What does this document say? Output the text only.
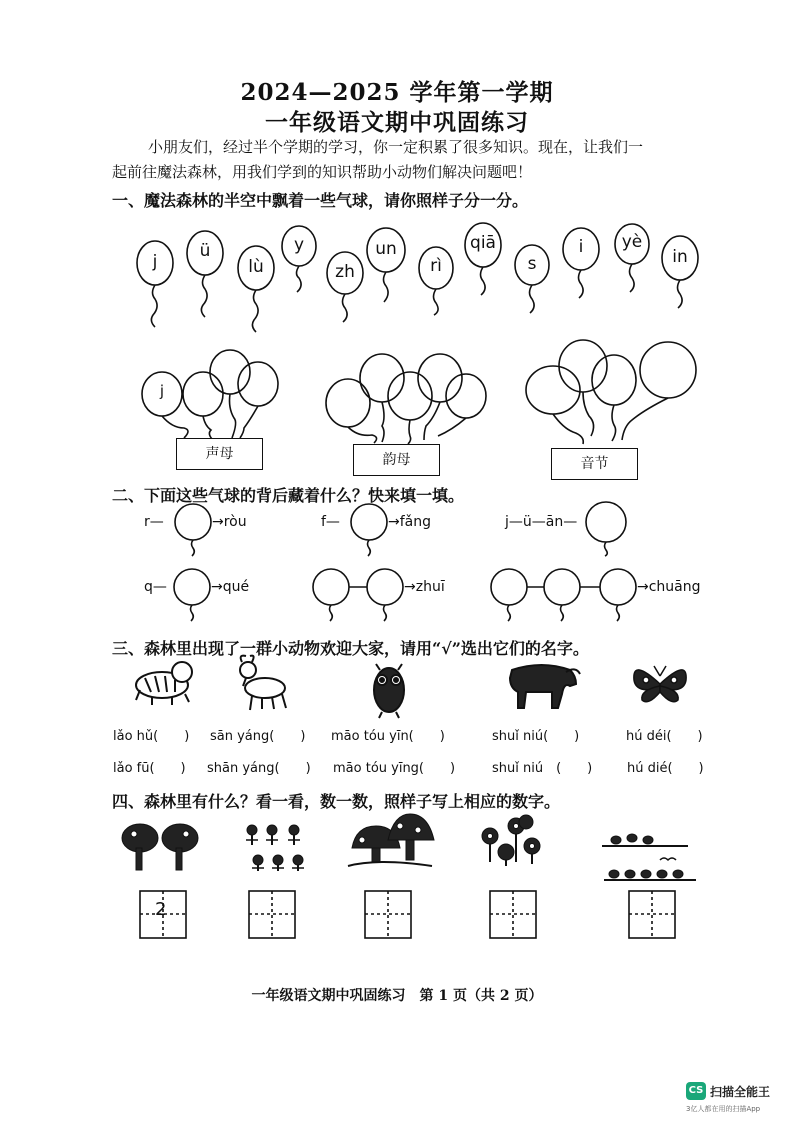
2024—2025 学年第一学期
一年级语文期中巩固练习
小朋友们，经过半个学期的学习，你一定积累了很多知识。现在，让我们一
起前往魔法森林，用我们学到的知识帮助小动物们解决问题吧！
一、魔法森林的半空中飘着一些气球，请你照样子分一分。
j
ü
lù
y
zh
un
rì
qiā
s
i	yè
in
j
声母	韵母	音节
二、下面这些气球的背后藏着什么？快来填一填。
r—	→ròu	f—	→fǎng	j—ü—ān—
q—	→qué	→zhuī	→chuāng
三、森林里出现了一群小动物欢迎大家，请用“√”选出它们的名字。
lǎo hǔ(　　) sān yáng(　　) māo tóu yīn(　　)	shuǐ niú(　　)	hú déi(　　)
lǎo fū(　　) shān yáng(　　) māo tóu yīng(　　)	shuǐ niú　(　　)	hú dié(　　)
四、森林里有什么？看一看，数一数，照样子写上相应的数字。
2
一年级语文期中巩固练习　第 1 页（共 2 页）
CS 扫描全能王
3亿人都在用的扫描App
